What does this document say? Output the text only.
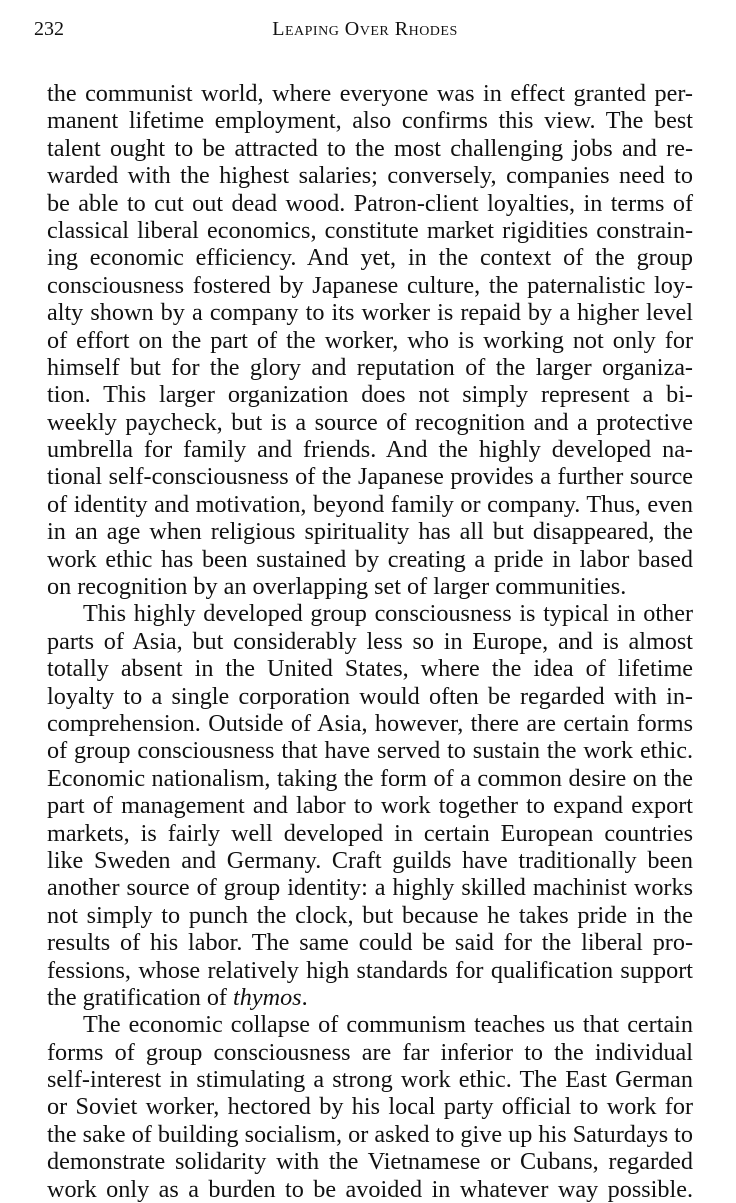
232	Leaping Over Rhodes
the communist world, where everyone was in effect granted per-
manent lifetime employment, also confirms this view. The best
talent ought to be attracted to the most challenging jobs and re-
warded with the highest salaries; conversely, companies need to
be able to cut out dead wood. Patron-client loyalties, in terms of
classical liberal economics, constitute market rigidities constrain-
ing economic efficiency. And yet, in the context of the group
consciousness fostered by Japanese culture, the paternalistic loy-
alty shown by a company to its worker is repaid by a higher level
of effort on the part of the worker, who is working not only for
himself but for the glory and reputation of the larger organiza-
tion. This larger organization does not simply represent a bi-
weekly paycheck, but is a source of recognition and a protective
umbrella for family and friends. And the highly developed na-
tional self-consciousness of the Japanese provides a further source
of identity and motivation, beyond family or company. Thus, even
in an age when religious spirituality has all but disappeared, the
work ethic has been sustained by creating a pride in labor based
on recognition by an overlapping set of larger communities.
This highly developed group consciousness is typical in other
parts of Asia, but considerably less so in Europe, and is almost
totally absent in the United States, where the idea of lifetime
loyalty to a single corporation would often be regarded with in-
comprehension. Outside of Asia, however, there are certain forms
of group consciousness that have served to sustain the work ethic.
Economic nationalism, taking the form of a common desire on the
part of management and labor to work together to expand export
markets, is fairly well developed in certain European countries
like Sweden and Germany. Craft guilds have traditionally been
another source of group identity: a highly skilled machinist works
not simply to punch the clock, but because he takes pride in the
results of his labor. The same could be said for the liberal pro-
fessions, whose relatively high standards for qualification support
the gratification of thymos.
The economic collapse of communism teaches us that certain
forms of group consciousness are far inferior to the individual
self-interest in stimulating a strong work ethic. The East German
or Soviet worker, hectored by his local party official to work for
the sake of building socialism, or asked to give up his Saturdays to
demonstrate solidarity with the Vietnamese or Cubans, regarded
work only as a burden to be avoided in whatever way possible.
